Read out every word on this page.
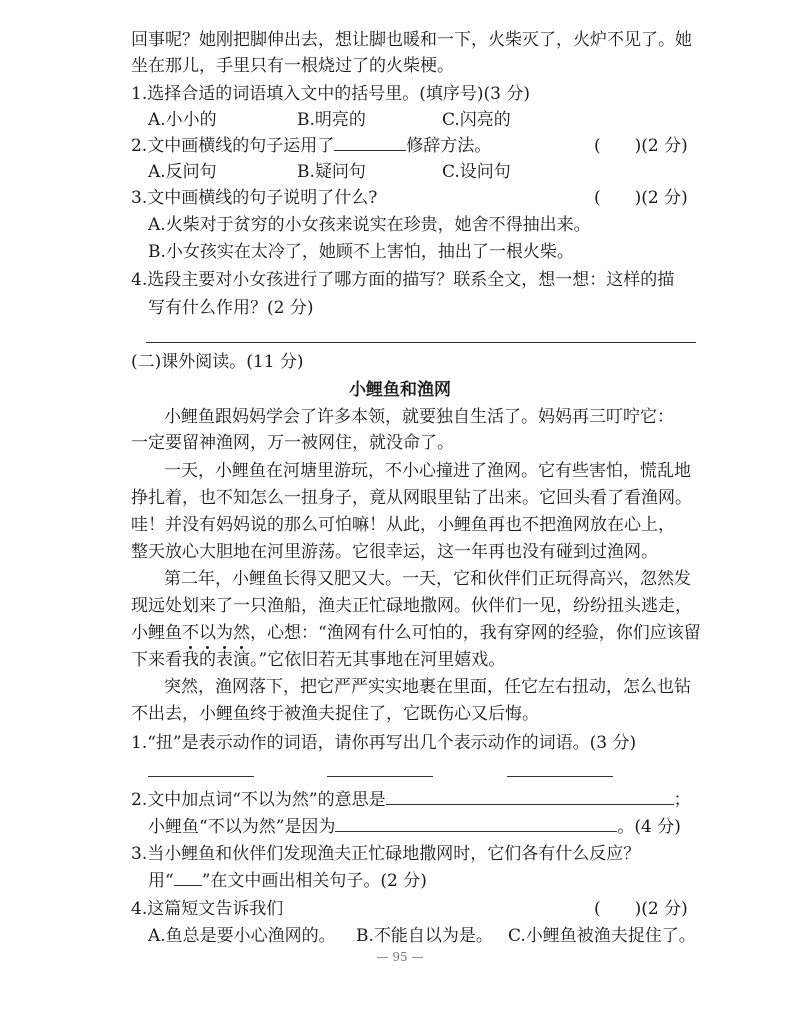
回事呢？她刚把脚伸出去，想让脚也暖和一下，火柴灭了，火炉不见了。她
坐在那儿，手里只有一根烧过了的火柴梗。
1.选择合适的词语填入文中的括号里。(填序号)(3 分)
A.小小的	B.明亮的	C.闪亮的
2.文中画横线的句子运用了	修辞方法。	(　　)(2 分)
A.反问句	B.疑问句	C.设问句
3.文中画横线的句子说明了什么?	(　　)(2 分)
A.火柴对于贫穷的小女孩来说实在珍贵，她舍不得抽出来。
B.小女孩实在太冷了，她顾不上害怕，抽出了一根火柴。
4.选段主要对小女孩进行了哪方面的描写？联系全文，想一想：这样的描
写有什么作用？(2 分)
(二)课外阅读。(11 分)
小鲤鱼和渔网
小鲤鱼跟妈妈学会了许多本领，就要独自生活了。妈妈再三叮咛它：
一定要留神渔网，万一被网住，就没命了。
一天，小鲤鱼在河塘里游玩，不小心撞进了渔网。它有些害怕，慌乱地
挣扎着，也不知怎么一扭身子，竟从网眼里钻了出来。它回头看了看渔网。
哇！并没有妈妈说的那么可怕嘛！从此，小鲤鱼再也不把渔网放在心上，
整天放心大胆地在河里游荡。它很幸运，这一年再也没有碰到过渔网。
第二年，小鲤鱼长得又肥又大。一天，它和伙伴们正玩得高兴，忽然发
现远处划来了一只渔船，渔夫正忙碌地撒网。伙伴们一见，纷纷扭头逃走，
小鲤鱼不以为然，心想：“渔网有什么可怕的，我有穿网的经验，你们应该留
下来看我的表演。”它依旧若无其事地在河里嬉戏。
突然，渔网落下，把它严严实实地裹在里面，任它左右扭动，怎么也钻
不出去，小鲤鱼终于被渔夫捉住了，它既伤心又后悔。
1.“扭”是表示动作的词语，请你再写出几个表示动作的词语。(3 分)
2.文中加点词“不以为然”的意思是	；
小鲤鱼“不以为然”是因为	。(4 分)
3.当小鲤鱼和伙伴们发现渔夫正忙碌地撒网时，它们各有什么反应？
用“ ”在文中画出相关句子。(2 分)
4.这篇短文告诉我们	(　　)(2 分)
A.鱼总是要小心渔网的。 B.不能自以为是。 C.小鲤鱼被渔夫捉住了。
— 95 —
